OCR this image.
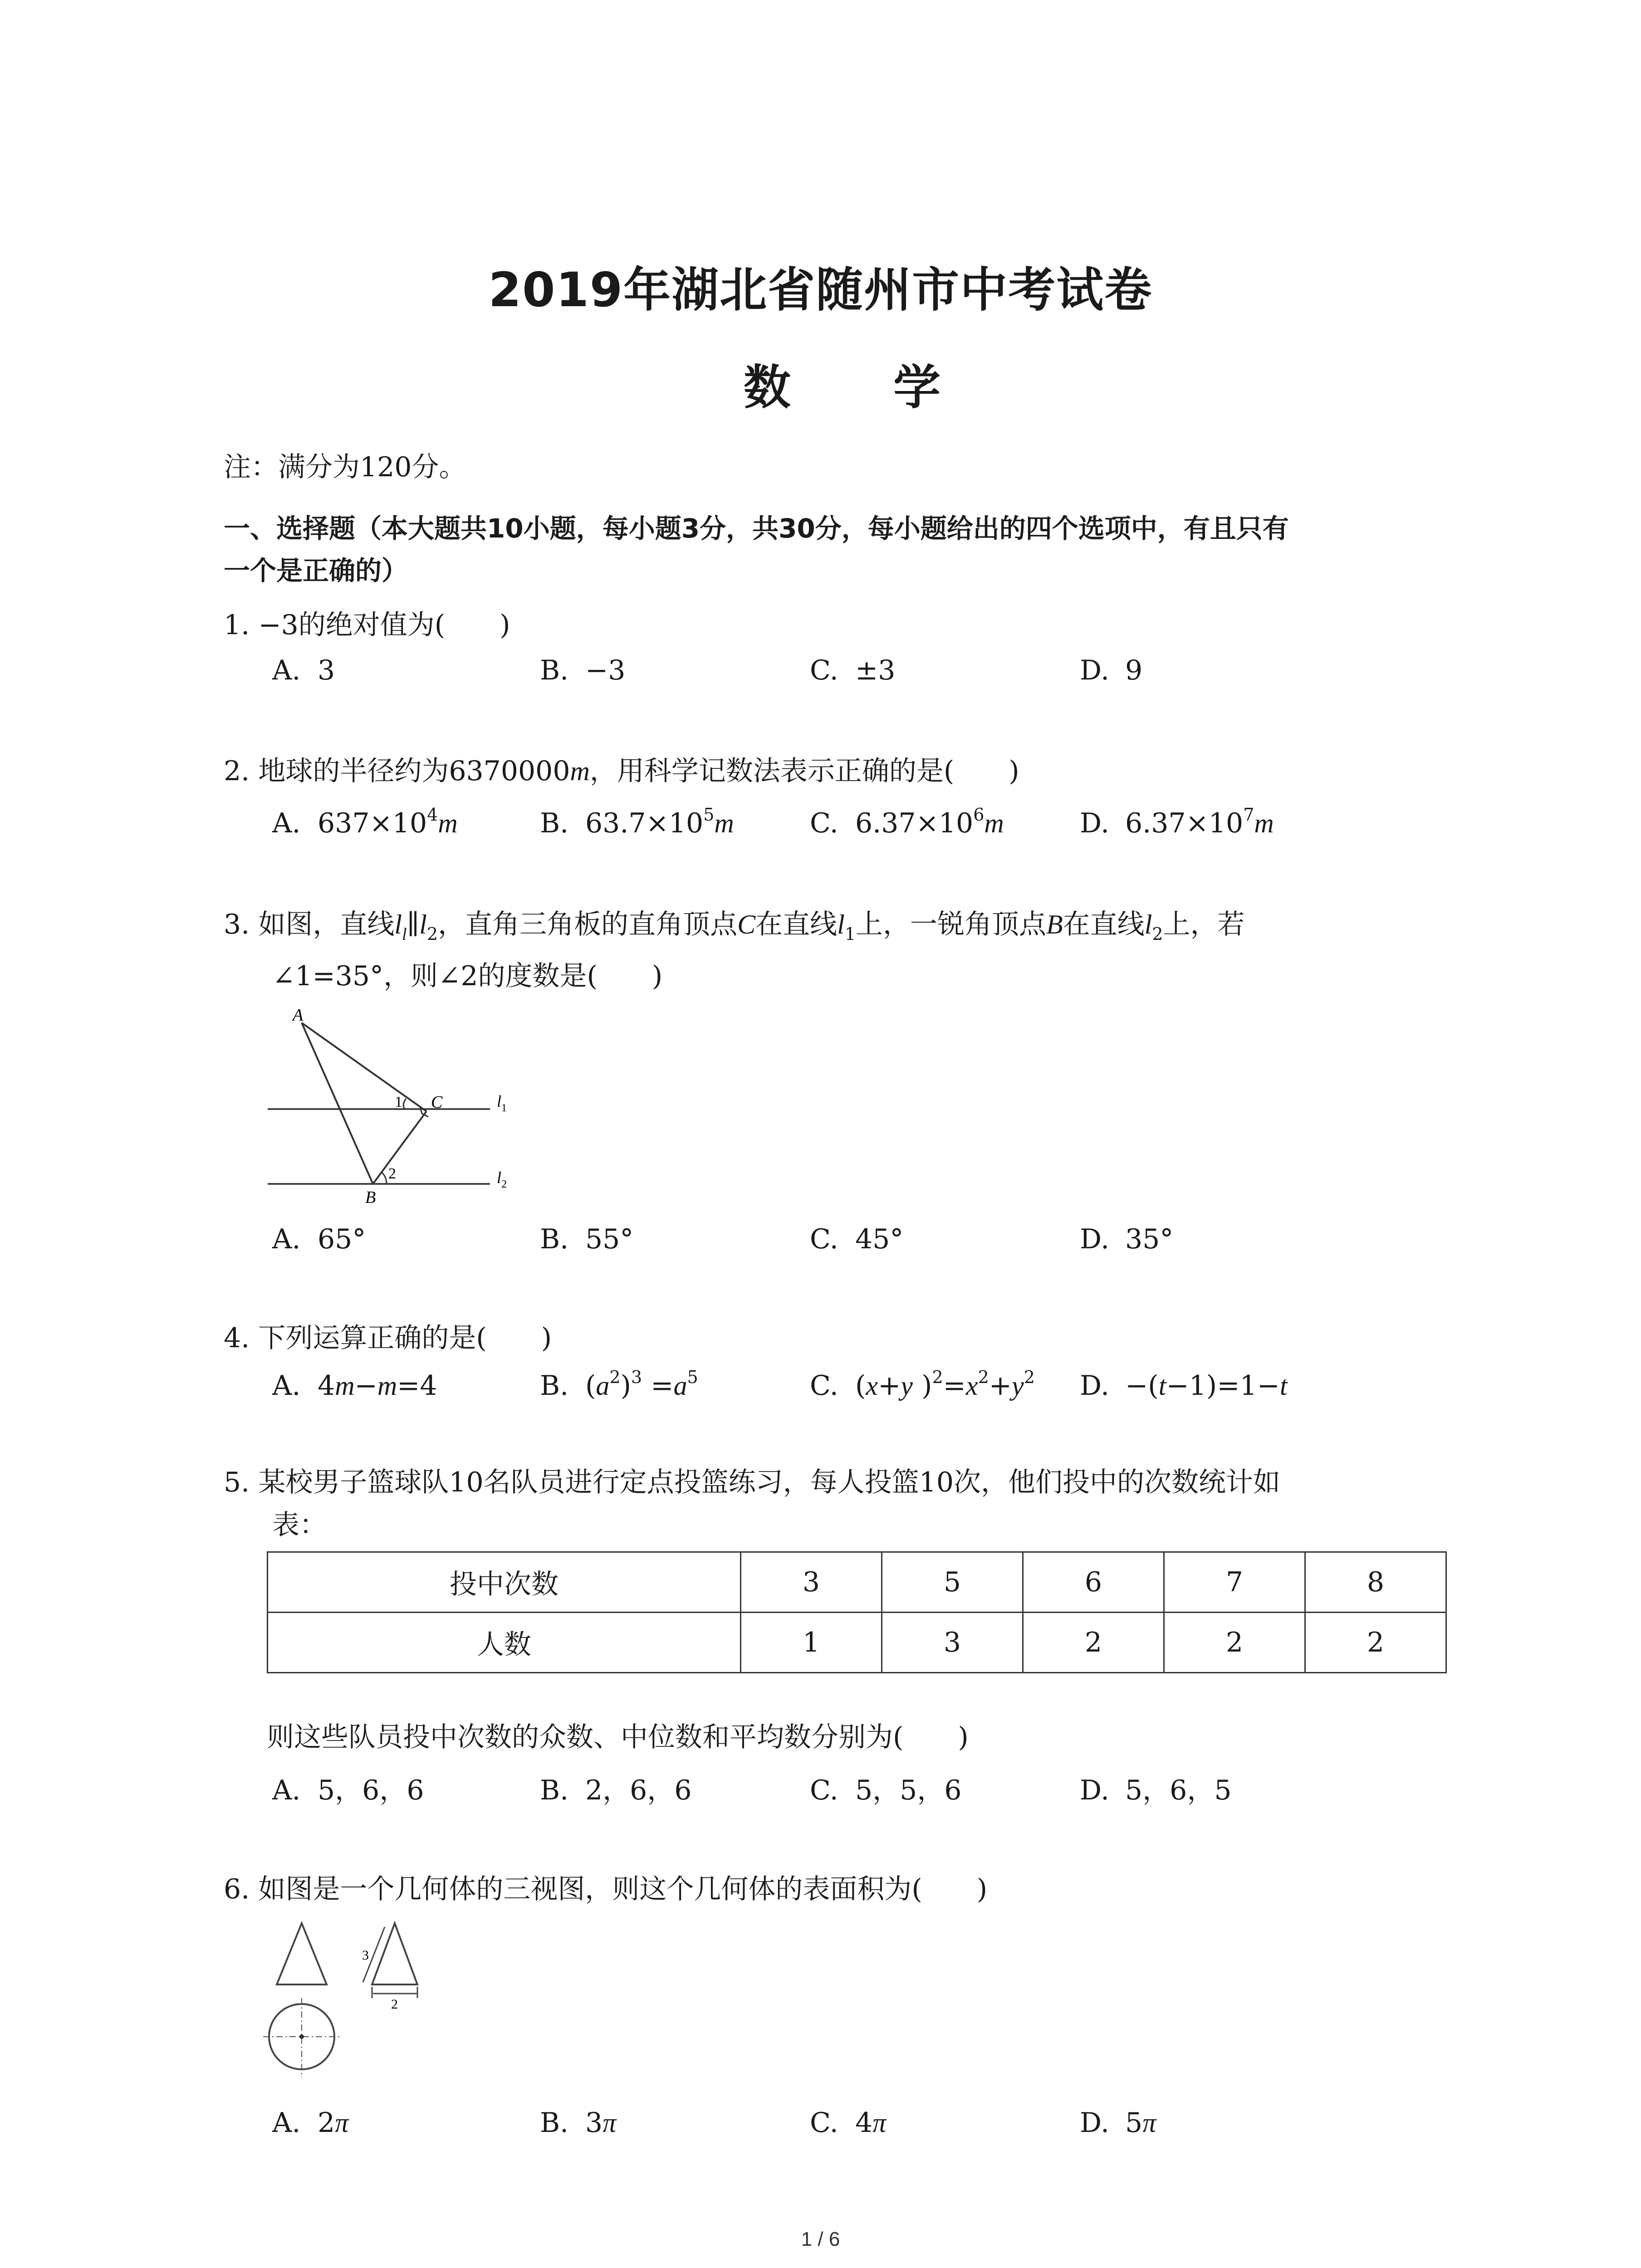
2019年湖北省随州市中考试卷
数 学
注：满分为120分。
一、选择题（本大题共10小题，每小题3分，共30分，每小题给出的四个选项中，有且只有
一个是正确的）
1. −3的绝对值为(　　)
A. 3	B. −3	C. ±3	D. 9
2. 地球的半径约为6370000m，用科学记数法表示正确的是(　　)
A. $637\times 10^4m$	B. $63.7\times 10^5m$	C. $6.37\times 10^6m$	D. $6.37\times 10^7m$
3. 如图，直线$l_l\parallel l_2$，直角三角板的直角顶点C在直线$l_1$上，一锐角顶点B在直线$l_2$上，若
∠1=35°，则∠2的度数是(　　)
A
C
1
2
B
$l_1$
$l_2$
A. 65°	B. 55°	C. 45°	D. 35°
4. 下列运算正确的是(　　)
A. 4m−m=4	B. $(a^2)^3 =a^5$	C. (x+y )$^2=x^2+y^2$ D. −(t−1)=1−t
5. 某校男子篮球队10名队员进行定点投篮练习，每人投篮10次，他们投中的次数统计如
表：
投中次数	3	5	6	7	8
人数	1	3	2	2	2
则这些队员投中次数的众数、中位数和平均数分别为(　　)
A. 5，6，6	B. 2，6，6	C. 5，5，6	D. 5，6，5
6. 如图是一个几何体的三视图，则这个几何体的表面积为(　　)
3
2
A. 2π	B. 3π	C. 4π	D. 5π
1 / 6
